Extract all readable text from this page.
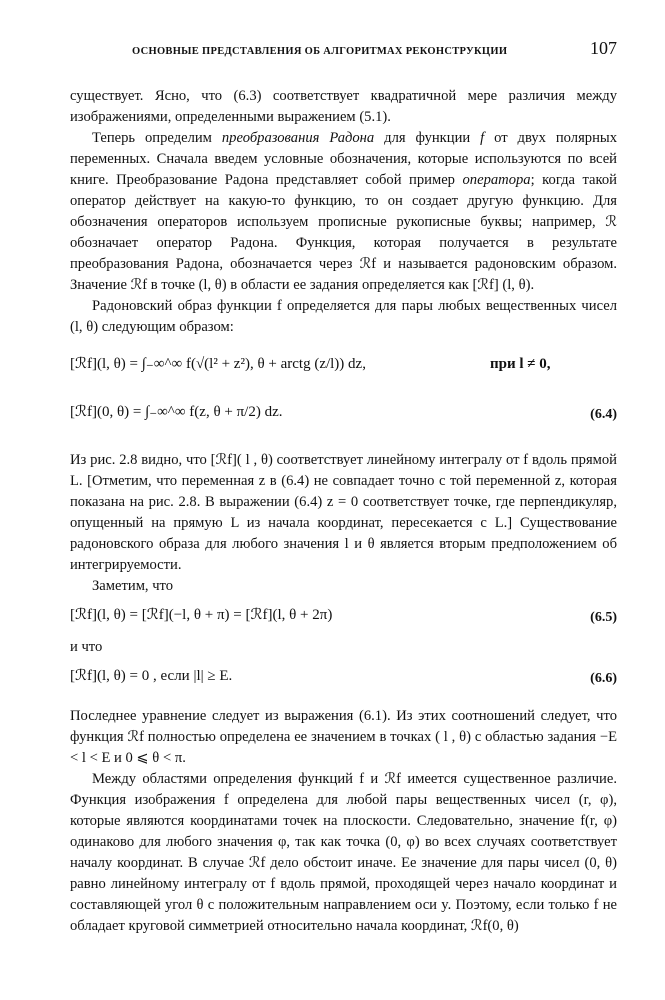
ОСНОВНЫЕ ПРЕДСТАВЛЕНИЯ ОБ АЛГОРИТМАХ РЕКОНСТРУКЦИИ	107

существует. Ясно, что (6.3) соответствует квадратичной мере различия между изображениями, определенными выражением (5.1).

Теперь определим преобразования Радона для функции f от двух полярных переменных. Сначала введем условные обозначения, которые используются по всей книге. Преобразование Радона представляет собой пример оператора; когда такой оператор действует на какую-то функцию, то он создает другую функцию. Для обозначения операторов используем прописные рукописные буквы; например, ℛ обозначает оператор Радона. Функция, которая получается в результате преобразования Радона, обозначается через ℛf и называется радоновским образом. Значение ℛf в точке (l, θ) в области ее задания определяется как [ℛf] (l, θ).

Радоновский образ функции f определяется для пары любых вещественных чисел (l, θ) следующим образом:

[ℛf](l, θ) = ∫₋∞^∞ f(√(l² + z²), θ + arctg (z/l)) dz,	при l ≠ 0,
[ℛf](0, θ) = ∫₋∞^∞ f(z, θ + π/2) dz.	(6.4)

Из рис. 2.8 видно, что [ℛf]( l , θ) соответствует линейному интегралу от f вдоль прямой L. [Отметим, что переменная z в (6.4) не совпадает точно с той переменной z, которая показана на рис. 2.8. В выражении (6.4) z = 0 соответствует точке, где перпендикуляр, опущенный на прямую L из начала координат, пересекается с L.] Существование радоновского образа для любого значения l и θ является вторым предположением об интегрируемости.

Заметим, что

[ℛf](l, θ) = [ℛf](−l, θ + π) = [ℛf](l, θ + 2π)	(6.5)

и что

[ℛf](l, θ) = 0 , если |l| ≥ E.	(6.6)

Последнее уравнение следует из выражения (6.1). Из этих соотношений следует, что функция ℛf полностью определена ее значением в точках ( l , θ) с областью задания −E < l < E и 0 ⩽ θ < π.

Между областями определения функций f и ℛf имеется существенное различие. Функция изображения f определена для любой пары вещественных чисел (r, φ), которые являются координатами точек на плоскости. Следовательно, значение f(r, φ) одинаково для любого значения φ, так как точка (0, φ) во всех случаях соответствует началу координат. В случае ℛf дело обстоит иначе. Ее значение для пары чисел (0, θ) равно линейному интегралу от f вдоль прямой, проходящей через начало координат и составляющей угол θ с положительным направлением оси y. Поэтому, если только f не обладает круговой симметрией относительно начала координат, ℛf(0, θ)
